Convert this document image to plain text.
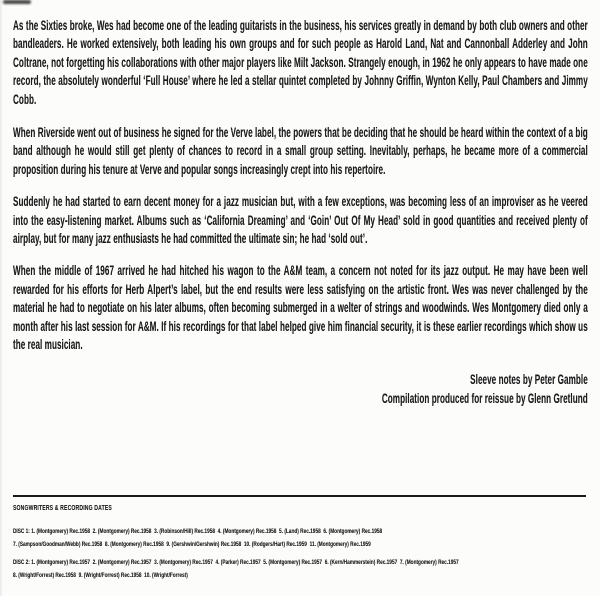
As the Sixties broke, Wes had become one of the leading guitarists in the business, his services greatly in demand by both club owners and other bandleaders. He worked extensively, both leading his own groups and for such people as Harold Land, Nat and Cannonball Adderley and John Coltrane, not forgetting his collaborations with other major players like Milt Jackson. Strangely enough, in 1962 he only appears to have made one record, the absolutely wonderful ‘Full House’ where he led a stellar quintet completed by Johnny Griffin, Wynton Kelly, Paul Chambers and Jimmy Cobb.

When Riverside went out of business he signed for the Verve label, the powers that be deciding that he should be heard within the context of a big band although he would still get plenty of chances to record in a small group setting. Inevitably, perhaps, he became more of a commercial proposition during his tenure at Verve and popular songs increasingly crept into his repertoire.

Suddenly he had started to earn decent money for a jazz musician but, with a few exceptions, was becoming less of an improviser as he veered into the easy-listening market. Albums such as ‘California Dreaming’ and ‘Goin’ Out Of My Head’ sold in good quantities and received plenty of airplay, but for many jazz enthusiasts he had committed the ultimate sin; he had ‘sold out’.

When the middle of 1967 arrived he had hitched his wagon to the A&M team, a concern not noted for its jazz output. He may have been well rewarded for his efforts for Herb Alpert’s label, but the end results were less satisfying on the artistic front. Wes was never challenged by the material he had to negotiate on his later albums, often becoming submerged in a welter of strings and woodwinds. Wes Montgomery died only a month after his last session for A&M. If his recordings for that label helped give him financial security, it is these earlier recordings which show us the real musician.

Sleeve notes by Peter Gamble
Compilation produced for reissue by Glenn Gretlund
SONGWRITERS & RECORDING DATES
DISC 1: 1. (Montgomery) Rec.1958  2. (Montgomery) Rec.1958  3. (Robinson/Hill) Rec.1958  4. (Montgomery) Rec.1958  5. (Land) Rec.1958  6. (Montgomery) Rec.1958
7. (Sampson/Goodman/Webb) Rec.1958  8. (Montgomery) Rec.1958  9. (Gershwin/Gershwin) Rec.1958  10. (Rodgers/Hart) Rec.1959  11. (Montgomery) Rec.1959
DISC 2: 1. (Montgomery) Rec.1957  2. (Montgomery) Rec.1957  3. (Montgomery) Rec.1957  4. (Parker) Rec.1957  5. (Montgomery) Rec.1957  6. (Kern/Hammerstein) Rec.1957  7. (Montgomery) Rec.1957
8. (Wright/Forrest) Rec.1958  9. (Wright/Forrest) Rec.1958  10. (Wright/Forrest)
